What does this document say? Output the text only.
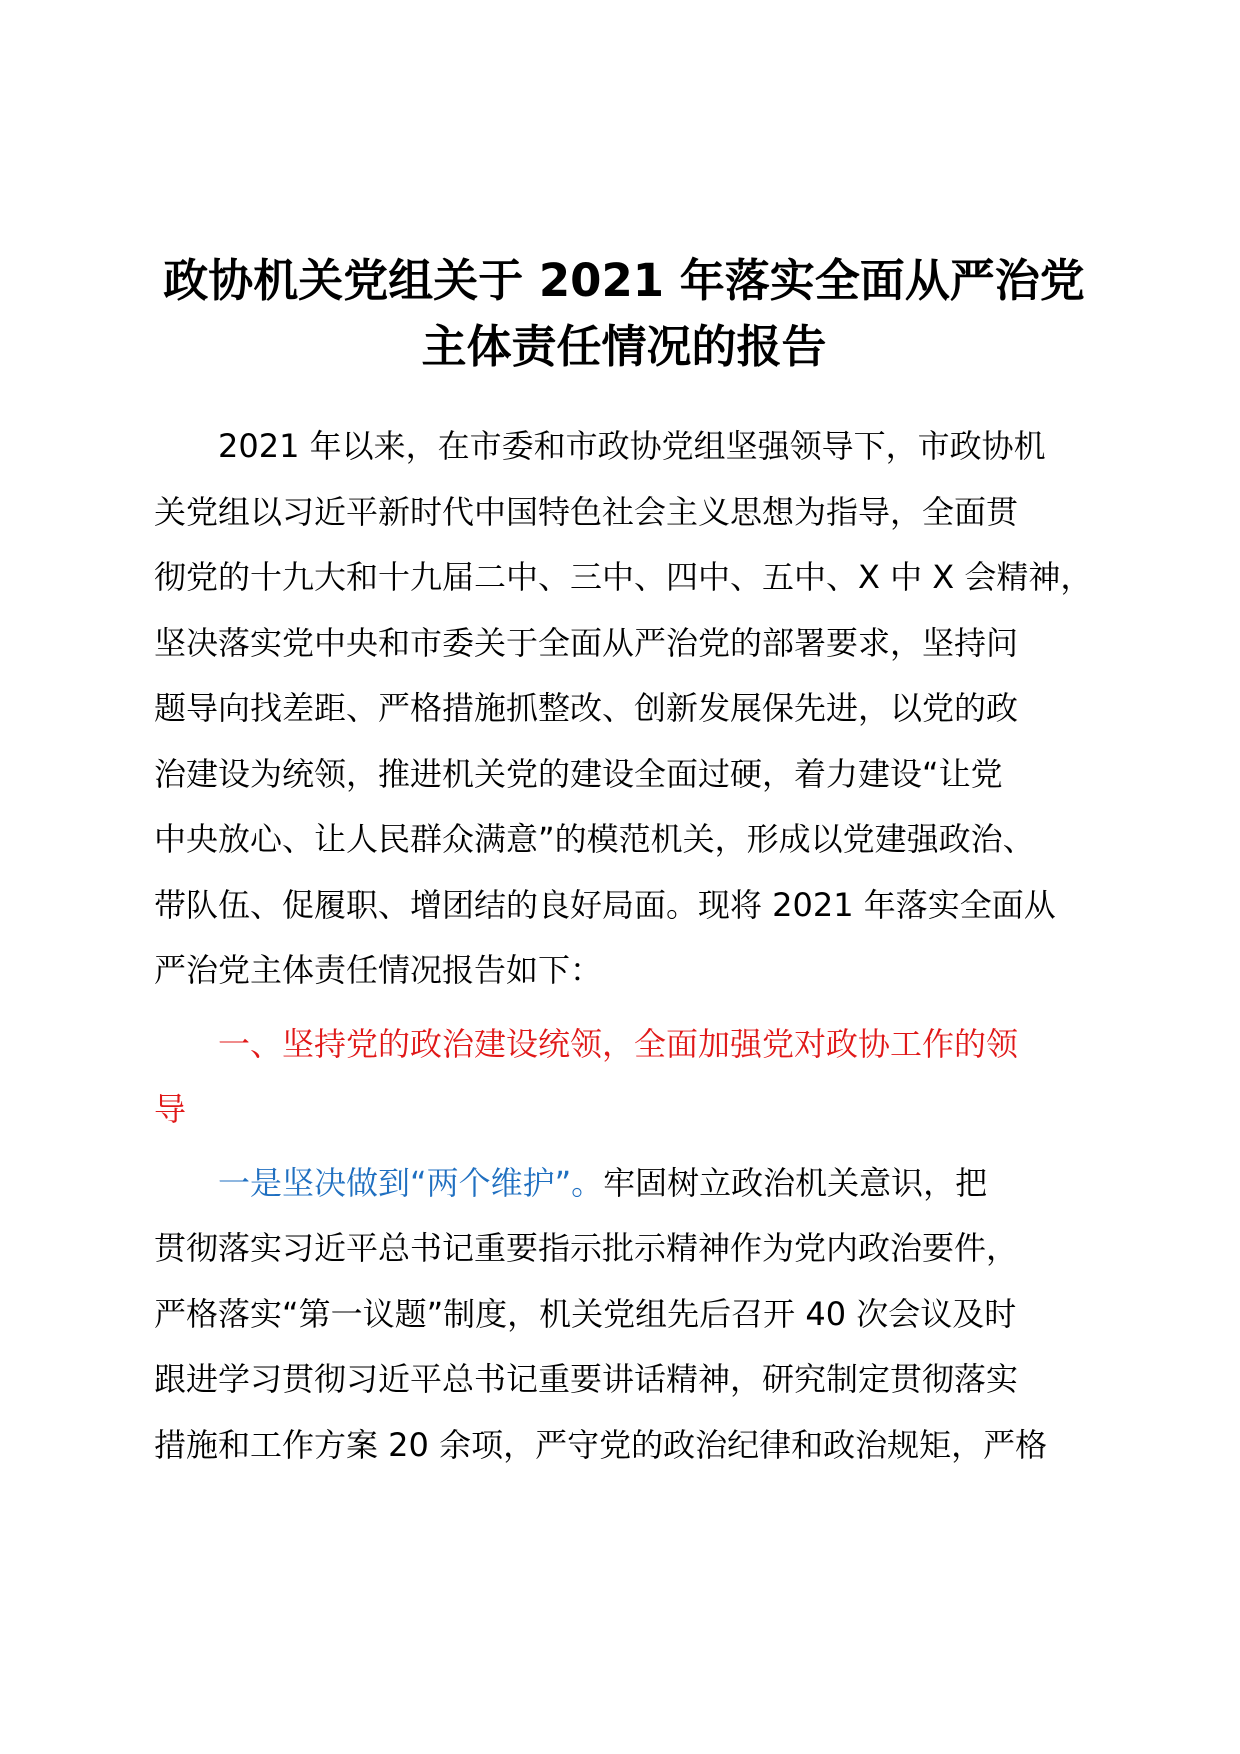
政协机关党组关于 2021 年落实全面从严治党
主体责任情况的报告
2021 年以来，在市委和市政协党组坚强领导下，市政协机
关党组以习近平新时代中国特色社会主义思想为指导，全面贯
彻党的十九大和十九届二中、三中、四中、五中、X 中 X 会精神，
坚决落实党中央和市委关于全面从严治党的部署要求，坚持问
题导向找差距、严格措施抓整改、创新发展保先进，以党的政
治建设为统领，推进机关党的建设全面过硬，着力建设“让党
中央放心、让人民群众满意”的模范机关，形成以党建强政治、
带队伍、促履职、增团结的良好局面。现将 2021 年落实全面从
严治党主体责任情况报告如下：
一、坚持党的政治建设统领，全面加强党对政协工作的领
导
一是坚决做到“两个维护”。牢固树立政治机关意识，把
贯彻落实习近平总书记重要指示批示精神作为党内政治要件，
严格落实“第一议题”制度，机关党组先后召开 40 次会议及时
跟进学习贯彻习近平总书记重要讲话精神，研究制定贯彻落实
措施和工作方案 20 余项，严守党的政治纪律和政治规矩，严格
